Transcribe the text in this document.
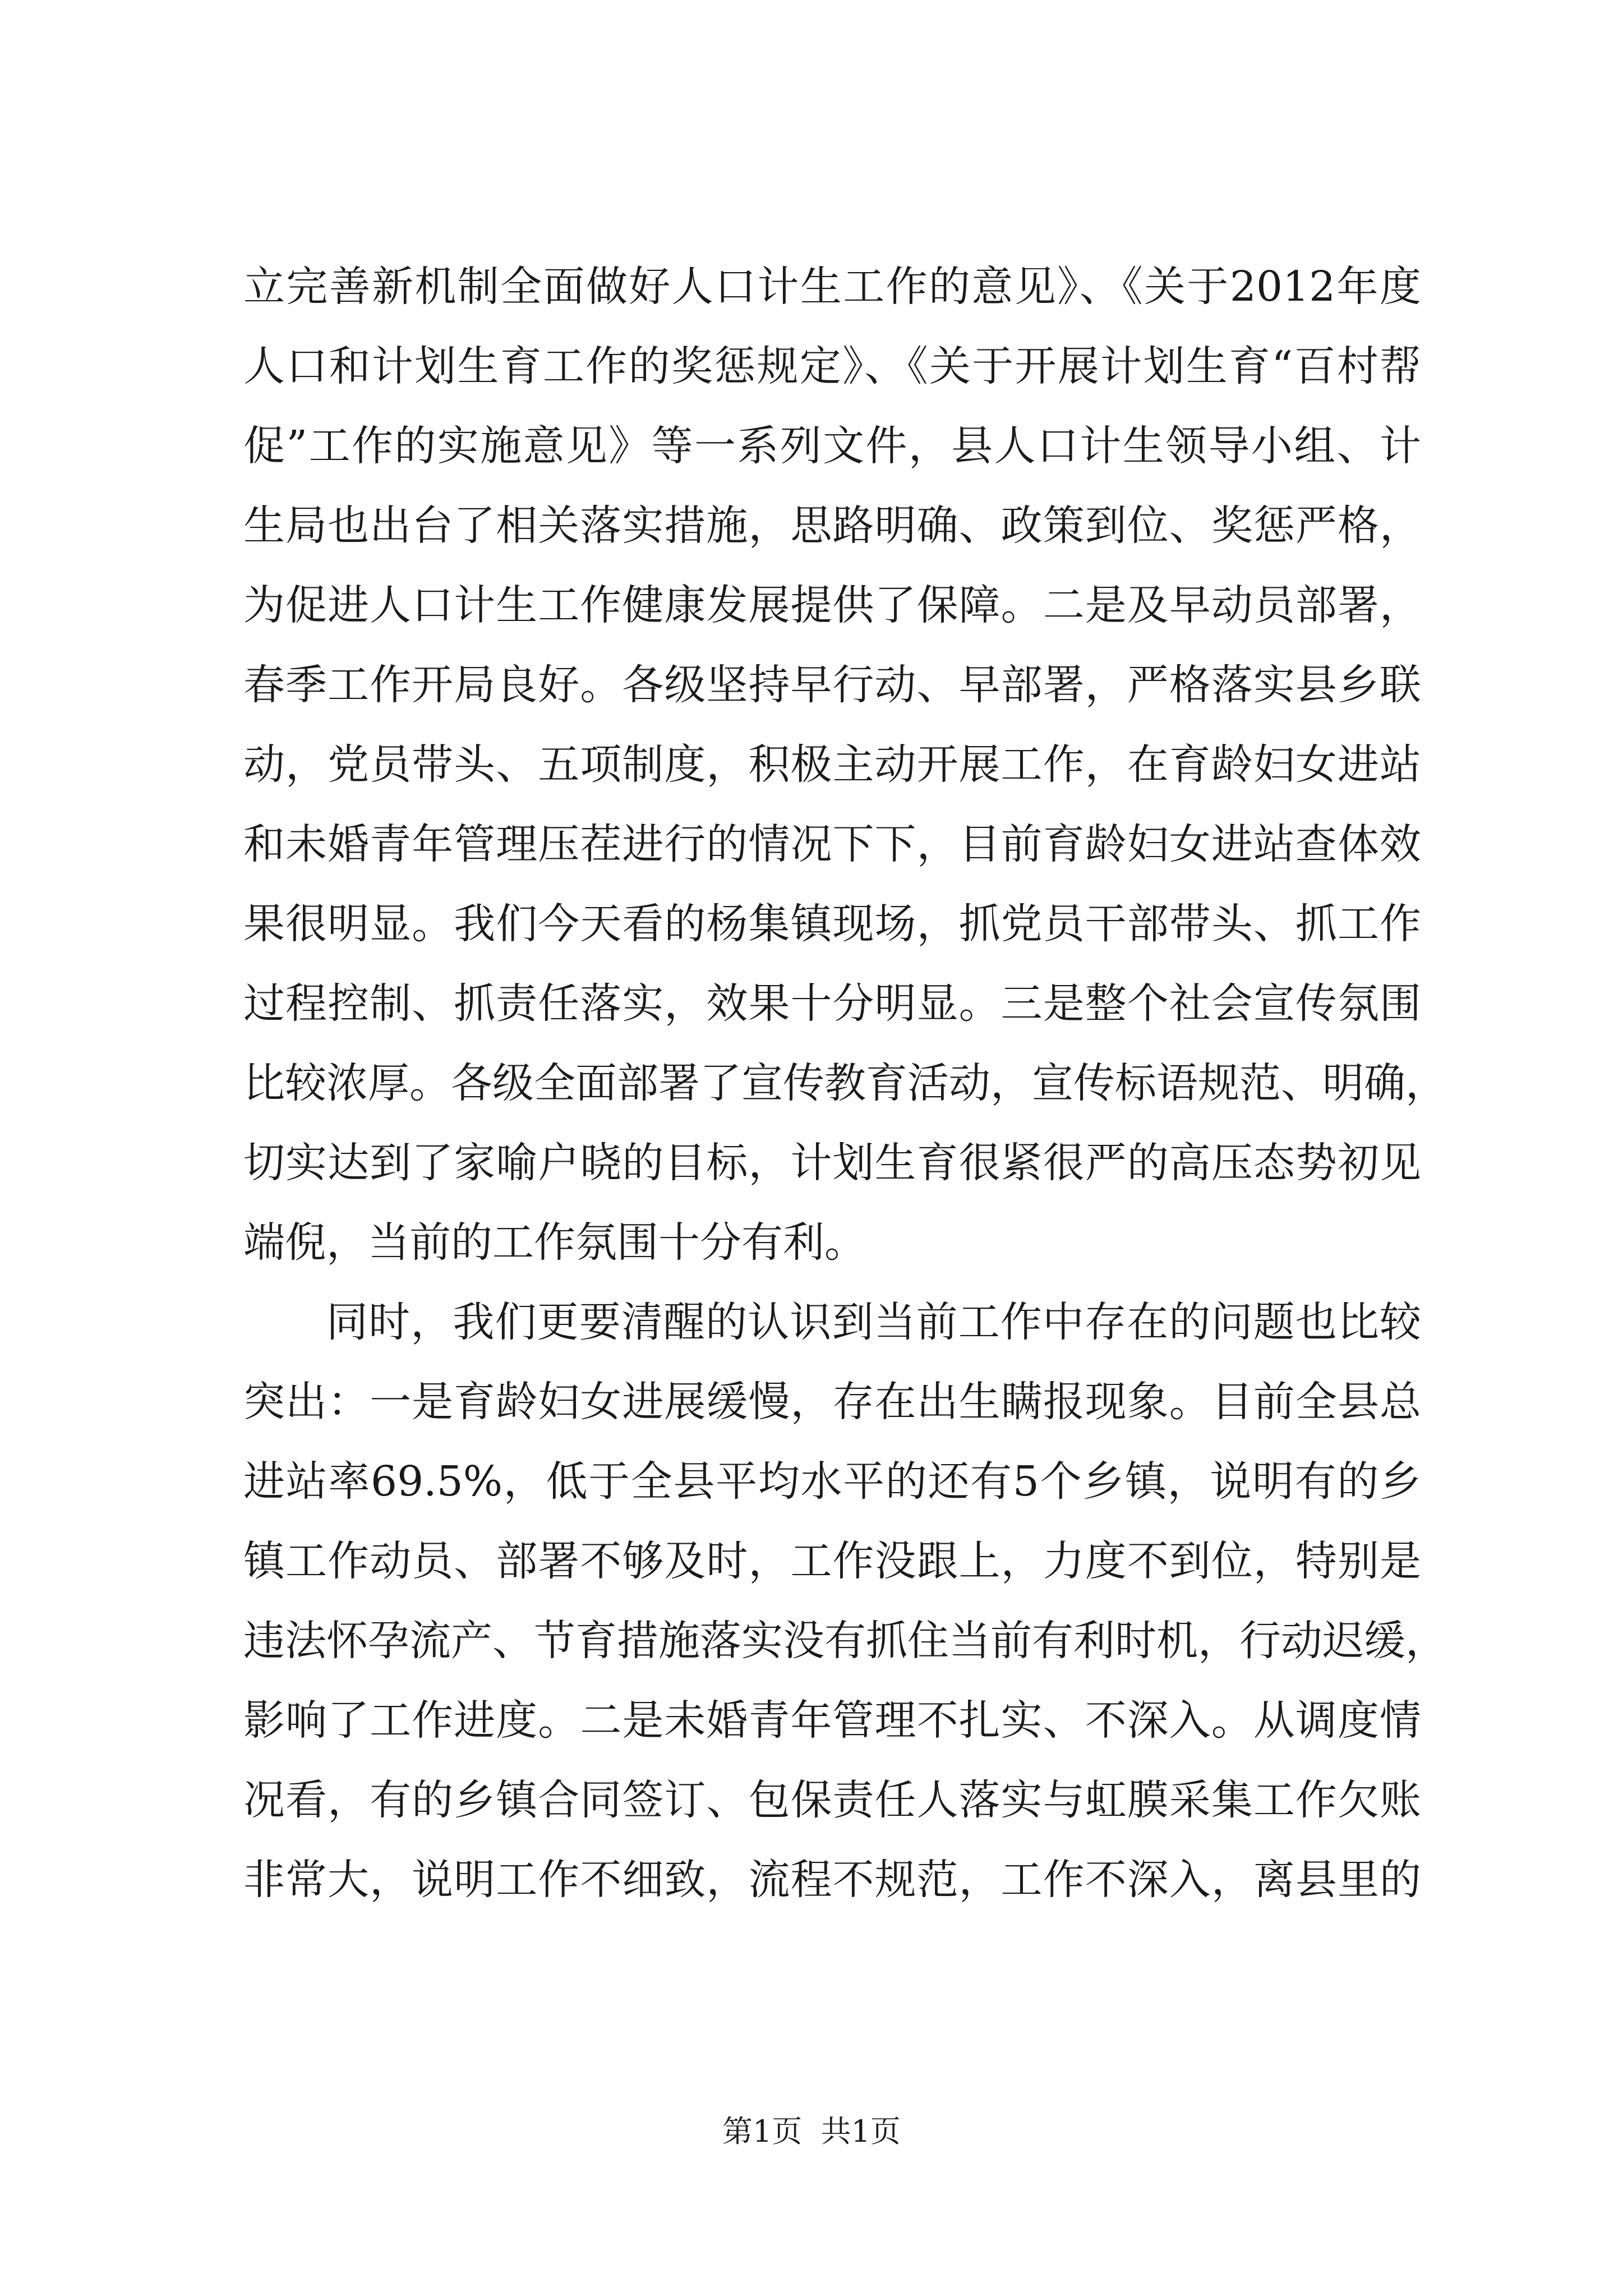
立完善新机制全面做好人口计生工作的意见》、《关于2012年度
人口和计划生育工作的奖惩规定》、《关于开展计划生育“百村帮
促”工作的实施意见》等一系列文件，县人口计生领导小组、计
生局也出台了相关落实措施，思路明确、政策到位、奖惩严格，
为促进人口计生工作健康发展提供了保障。二是及早动员部署，
春季工作开局良好。各级坚持早行动、早部署，严格落实县乡联
动，党员带头、五项制度，积极主动开展工作，在育龄妇女进站
和未婚青年管理压茬进行的情况下下，目前育龄妇女进站查体效
果很明显。我们今天看的杨集镇现场，抓党员干部带头、抓工作
过程控制、抓责任落实，效果十分明显。三是整个社会宣传氛围
比较浓厚。各级全面部署了宣传教育活动，宣传标语规范、明确，
切实达到了家喻户晓的目标，计划生育很紧很严的高压态势初见
端倪，当前的工作氛围十分有利。
同时，我们更要清醒的认识到当前工作中存在的问题也比较
突出：一是育龄妇女进展缓慢，存在出生瞒报现象。目前全县总
进站率69.5%，低于全县平均水平的还有5个乡镇，说明有的乡
镇工作动员、部署不够及时，工作没跟上，力度不到位，特别是
违法怀孕流产、节育措施落实没有抓住当前有利时机，行动迟缓，
影响了工作进度。二是未婚青年管理不扎实、不深入。从调度情
况看，有的乡镇合同签订、包保责任人落实与虹膜采集工作欠账
非常大，说明工作不细致，流程不规范，工作不深入，离县里的
第1页 共1页
